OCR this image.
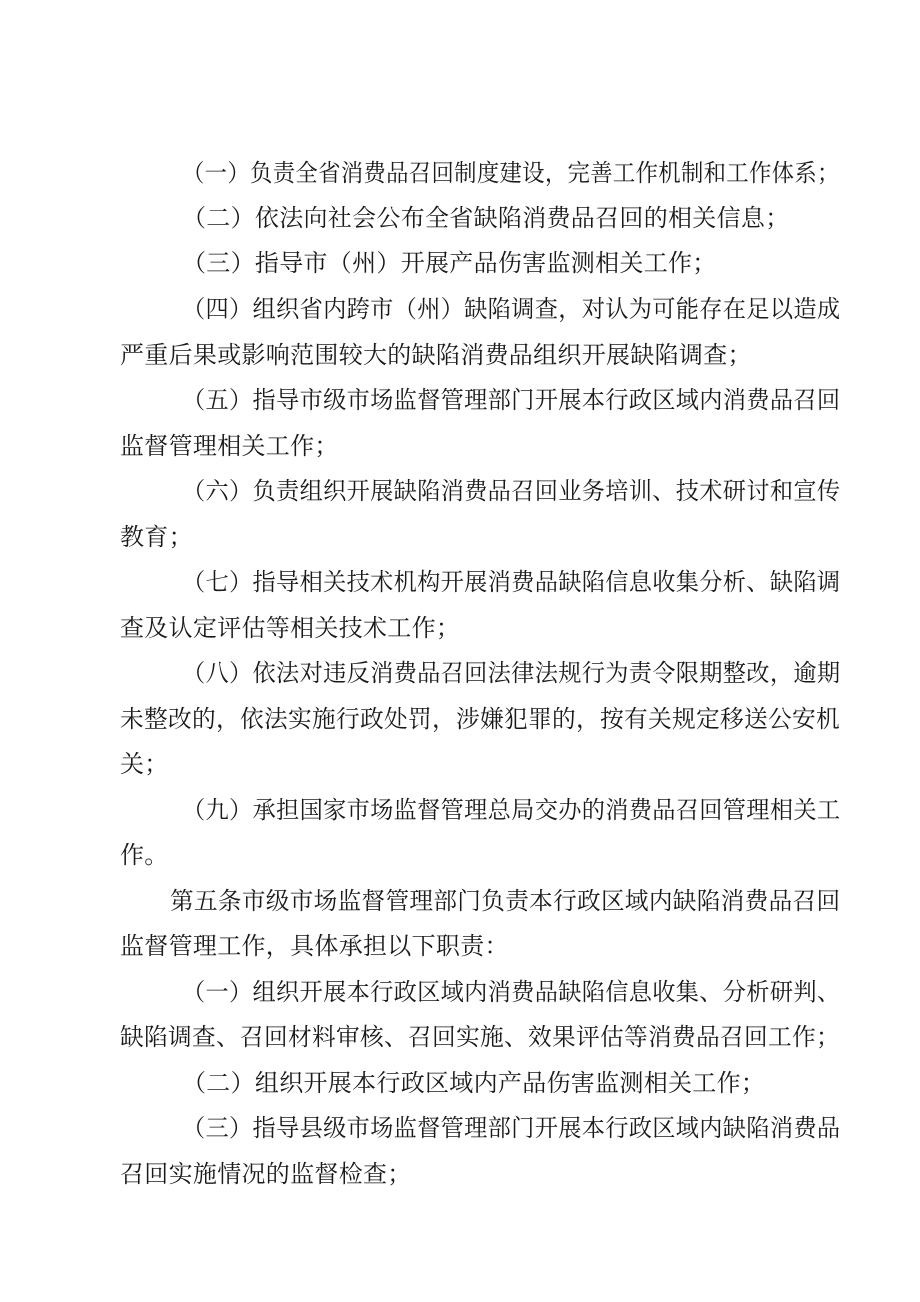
（一）负责全省消费品召回制度建设，完善工作机制和工作体系；
（二）依法向社会公布全省缺陷消费品召回的相关信息；
（三）指导市（州）开展产品伤害监测相关工作；
（四）组织省内跨市（州）缺陷调查，对认为可能存在足以造成
严重后果或影响范围较大的缺陷消费品组织开展缺陷调查；
（五）指导市级市场监督管理部门开展本行政区域内消费品召回
监督管理相关工作；
（六）负责组织开展缺陷消费品召回业务培训、技术研讨和宣传
教育；
（七）指导相关技术机构开展消费品缺陷信息收集分析、缺陷调
查及认定评估等相关技术工作；
（八）依法对违反消费品召回法律法规行为责令限期整改，逾期
未整改的，依法实施行政处罚，涉嫌犯罪的，按有关规定移送公安机
关；
（九）承担国家市场监督管理总局交办的消费品召回管理相关工
作。
第五条市级市场监督管理部门负责本行政区域内缺陷消费品召回
监督管理工作，具体承担以下职责：
（一）组织开展本行政区域内消费品缺陷信息收集、分析研判、
缺陷调查、召回材料审核、召回实施、效果评估等消费品召回工作；
（二）组织开展本行政区域内产品伤害监测相关工作；
（三）指导县级市场监督管理部门开展本行政区域内缺陷消费品
召回实施情况的监督检查；
